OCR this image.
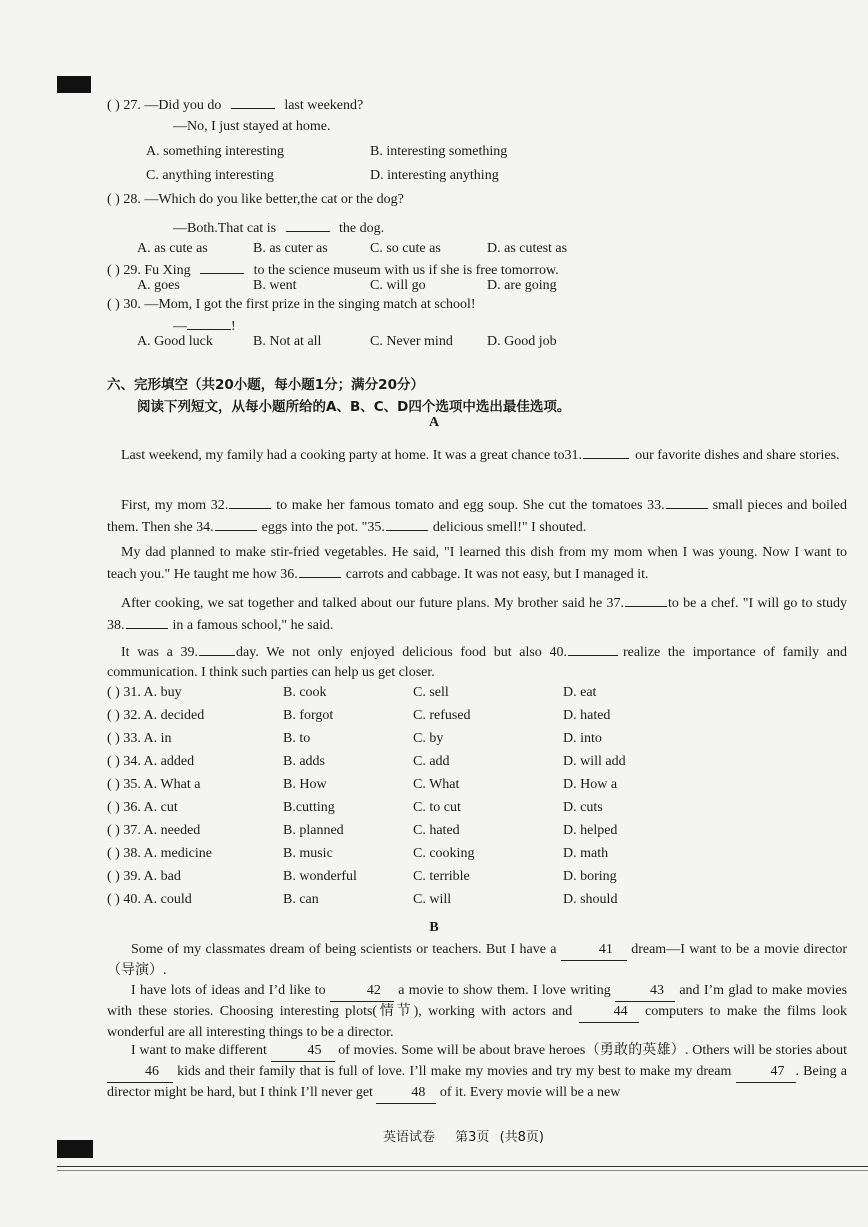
( ) 27. —Did you do	last weekend?
—No, I just stayed at home.
A. something interesting	B. interesting something
C. anything interesting	D. interesting anything
( ) 28. —Which do you like better,the cat or the dog?
—Both.That cat is	the dog.
A. as cute as	B. as cuter as	C. so cute as	D. as cutest as
( ) 29. Fu Xing	to the science museum with us if she is free tomorrow.
A. goes	B. went	C. will go	D. are going
( ) 30. —Mom, I got the first prize in the singing match at school!
—	!
A. Good luck	B. Not at all	C. Never mind D. Good job
六、完形填空（共20小题，每小题1分；满分20分）
阅读下列短文，从每小题所给的A、B、C、D四个选项中选出最佳选项。
A
Last weekend, my family had a cooking party at home. It was a great chance to31.	our favorite dishes and share stories.
First, my mom 32.	to make her famous tomato and egg soup. She cut the tomatoes 33.	small pieces and boiled them. Then she 34.	eggs into the pot. "35.	delicious smell!" I shouted.
My dad planned to make stir-fried vegetables. He said, "I learned this dish from my mom when I was young. Now I want to teach you." He taught me how 36.	carrots and cabbage. It was not easy, but I managed it.
After cooking, we sat together and talked about our future plans. My brother said he 37.	to be a chef. "I will go to study 38.	in a famous school," he said.
It was a 39.	day. We not only enjoyed delicious food but also 40.	realize the importance of family and communication. I think such parties can help us get closer.
( ) 31. A. buy	B. cook	C. sell	D. eat
( ) 32. A. decided	B. forgot	C. refused	D. hated
( ) 33. A. in	B. to	C. by	D. into
( ) 34. A. added	B. adds	C. add	D. will add
( ) 35. A. What a	B. How	C. What	D. How a
( ) 36. A. cut	B.cutting	C. to cut	D. cuts
( ) 37. A. needed	B. planned	C. hated	D. helped
( ) 38. A. medicine	B. music	C. cooking	D. math
( ) 39. A. bad	B. wonderful	C. terrible	D. boring
( ) 40. A. could	B. can	C. will	D. should
B
Some of my classmates dream of being scientists or teachers. But I have a	41 dream—I want to be a movie director（导演）.
I have lots of ideas and I’d like to	42 a movie to show them. I love writing	43 and I’m glad to make movies with these stories. Choosing interesting plots(情节), working with actors and	44 computers to make the films look wonderful are all interesting things to be a director.
I want to make different	45 of movies. Some will be about brave heroes（勇敢的英雄）. Others will be stories about 46 kids and their family that is full of love. I’ll make my movies and try my best to make my dream	47 . Being a director might be hard, but I think I’ll never get	48 of it. Every movie will be a new
英语试卷 第3页 (共8页)
